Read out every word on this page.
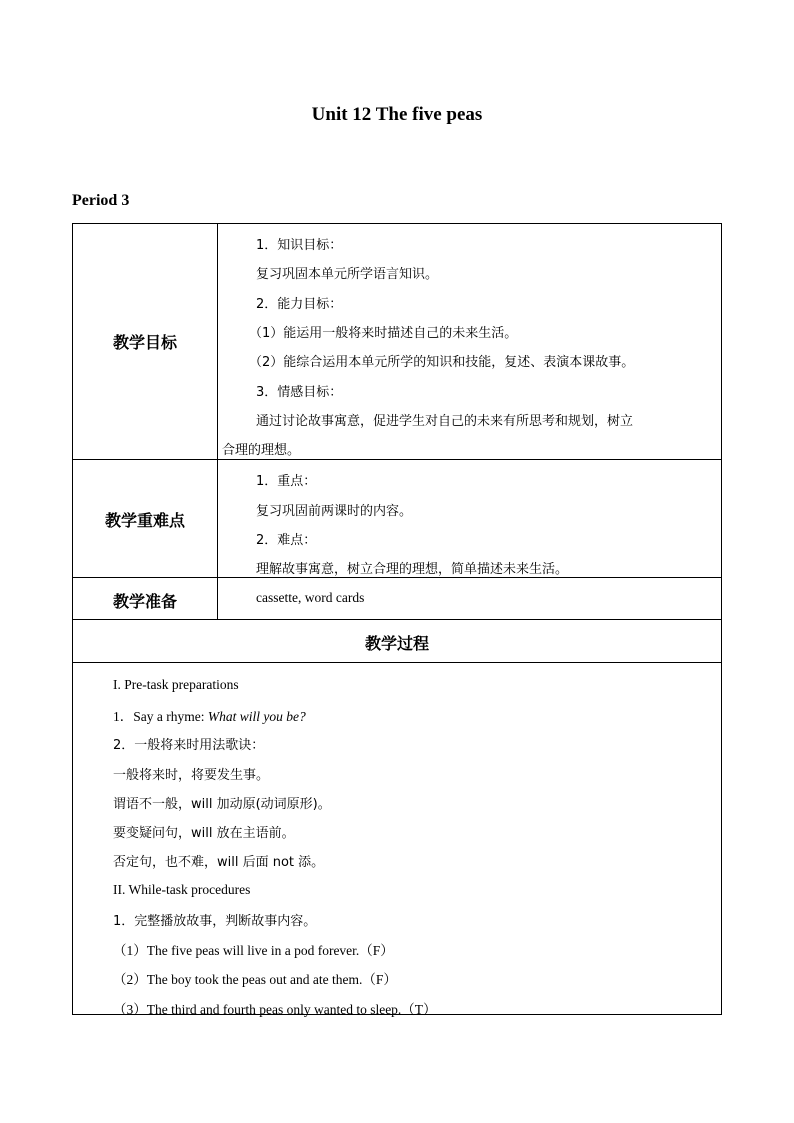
Unit 12 The five peas
Period 3
教学目标
1．知识目标：
复习巩固本单元所学语言知识。
2．能力目标：
（1）能运用一般将来时描述自己的未来生活。
（2）能综合运用本单元所学的知识和技能，复述、表演本课故事。
3．情感目标：
通过讨论故事寓意，促进学生对自己的未来有所思考和规划，树立
合理的理想。
教学重难点
1．重点：
复习巩固前两课时的内容。
2．难点：
理解故事寓意，树立合理的理想，简单描述未来生活。
教学准备	cassette, word cards
教学过程
I. Pre-task preparations
1．Say a rhyme: What will you be?
2．一般将来时用法歌诀：
一般将来时，将要发生事。
谓语不一般，will 加动原(动词原形)。
要变疑问句，will 放在主语前。
否定句，也不难，will 后面 not 添。
II. While-task procedures
1．完整播放故事，判断故事内容。
（1）The five peas will live in a pod forever.（F）
（2）The boy took the peas out and ate them.（F）
（3）The third and fourth peas only wanted to sleep.（T）
